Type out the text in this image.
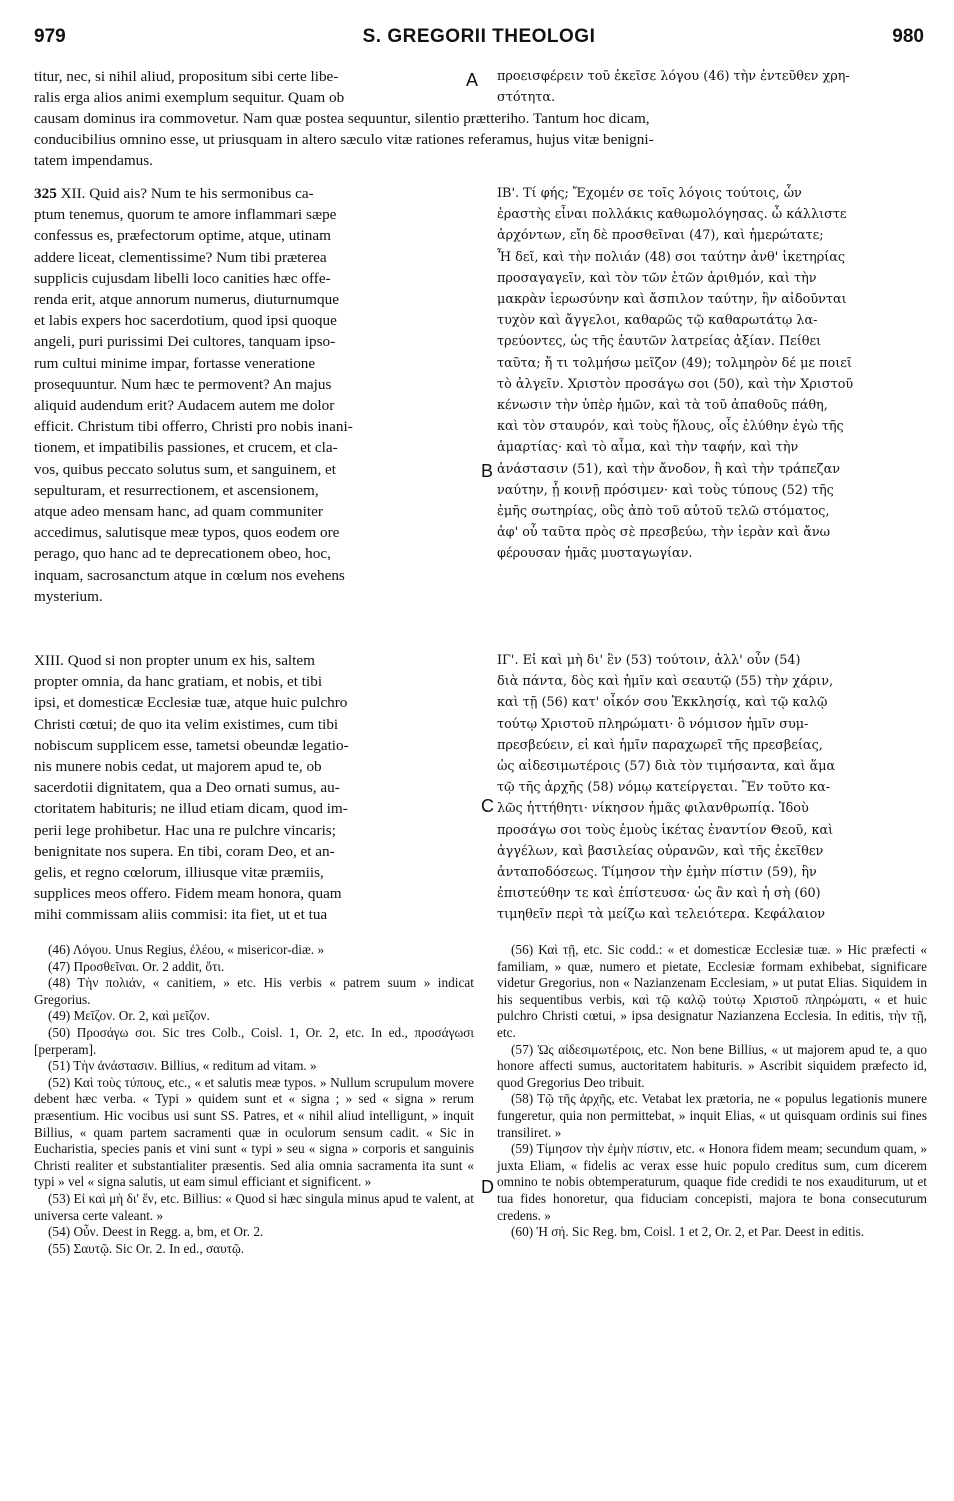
979	S. GREGORII THEOLOGI	980
titur, nec, si nihil aliud, propositum sibi certe libe-
ralis erga alios animi exemplum sequitur. Quam ob
προεισφέρειν τοῦ ἐκεῖσε λόγου (46) τὴν ἐντεῦθεν χρη-
στότητα.
causam dominus ira commovetur. Nam quæ postea sequuntur, silentio prætteriho. Tantum hoc dicam,
conducibilius omnino esse, ut priusquam in altero sæculo vitæ rationes referamus, hujus vitæ benigni-
tatem impendamus.
A
B
C
D
325 XII. Quid ais? Num te his sermonibus ca-
ptum tenemus, quorum te amore inflammari sæpe
confessus es, præfectorum optime, atque, utinam
addere liceat, clementissime? Num tibi præterea
supplicis cujusdam libelli loco canities hæc offe-
renda erit, atque annorum numerus, diuturnumque
et labis expers hoc sacerdotium, quod ipsi quoque
angeli, puri purissimi Dei cultores, tanquam ipso-
rum cultui minime impar, fortasse veneratione
prosequuntur. Num hæc te permovent? An majus
aliquid audendum erit? Audacem autem me dolor
efficit. Christum tibi offerro, Christi pro nobis inani-
tionem, et impatibilis passiones, et crucem, et cla-
vos, quibus peccato solutus sum, et sanguinem, et
sepulturam, et resurrectionem, et ascensionem,
atque adeo mensam hanc, ad quam communiter
accedimus, salutisque meæ typos, quos eodem ore
perago, quo hanc ad te deprecationem obeo, hoc,
inquam, sacrosanctum atque in cœlum nos evehens
mysterium.
ΙΒ'. Τί φής; Ἔχομέν σε τοῖς λόγοις τούτοις, ὧν
ἐραστὴς εἶναι πολλάκις καθωμολόγησας. ὦ κάλλιστε
ἀρχόντων, εἴη δὲ προσθεῖναι (47), καὶ ἡμερώτατε;
Ἦ δεῖ, καὶ τὴν πολιάν (48) σοι ταύτην ἀνθ' ἱκετηρίας
προσαγαγεῖν, καὶ τὸν τῶν ἐτῶν ἀριθμόν, καὶ τὴν
μακρὰν ἱερωσύνην καὶ ἄσπιλον ταύτην, ἣν αἰδοῦνται
τυχὸν καὶ ἄγγελοι, καθαρῶς τῷ καθαρωτάτῳ λα-
τρεύοντες, ὡς τῆς ἑαυτῶν λατρείας ἀξίαν. Πείθει
ταῦτα; ἤ τι τολμήσω μεῖζον (49); τολμηρὸν δέ με ποιεῖ
τὸ ἀλγεῖν. Χριστὸν προσάγω σοι (50), καὶ τὴν Χριστοῦ
κένωσιν τὴν ὑπὲρ ἡμῶν, καὶ τὰ τοῦ ἀπαθοῦς πάθη,
καὶ τὸν σταυρόν, καὶ τοὺς ἥλους, οἷς ἐλύθην ἐγὼ τῆς
ἁμαρτίας· καὶ τὸ αἷμα, καὶ τὴν ταφήν, καὶ τὴν
ἀνάστασιν (51), καὶ τὴν ἄνοδον, ἢ καὶ τὴν τράπεζαν
ναύτην, ᾗ κοινῇ πρόσιμεν· καὶ τοὺς τύπους (52) τῆς
ἐμῆς σωτηρίας, οὓς ἀπὸ τοῦ αὐτοῦ τελῶ στόματος,
ἀφ' οὗ ταῦτα πρὸς σὲ πρεσβεύω, τὴν ἱερὰν καὶ ἄνω
φέρουσαν ἡμᾶς μυσταγωγίαν.
XIII. Quod si non propter unum ex his, saltem
propter omnia, da hanc gratiam, et nobis, et tibi
ipsi, et domesticæ Ecclesiæ tuæ, atque huic pulchro
Christi cœtui; de quo ita velim existimes, cum tibi
nobiscum supplicem esse, tametsi obeundæ legatio-
nis munere nobis cedat, ut majorem apud te, ob
sacerdotii dignitatem, qua a Deo ornati sumus, au-
ctoritatem habituris; ne illud etiam dicam, quod im-
perii lege prohibetur. Hac una re pulchre vincaris;
benignitate nos supera. En tibi, coram Deo, et an-
gelis, et regno cœlorum, illiusque vitæ præmiis,
supplices meos offero. Fidem meam honora, quam
mihi commissam aliis commisi: ita fiet, ut et tua
ΙΓ'. Εἰ καὶ μὴ δι' ἓν (53) τούτοιν, ἀλλ' οὖν (54)
διὰ πάντα, δὸς καὶ ἡμῖν καὶ σεαυτῷ (55) τὴν χάριν,
καὶ τῇ (56) κατ' οἶκόν σου Ἐκκλησίᾳ, καὶ τῷ καλῷ
τούτῳ Χριστοῦ πληρώματι· ὃ νόμισον ἡμῖν συμ-
πρεσβεύειν, εἰ καὶ ἡμῖν παραχωρεῖ τῆς πρεσβείας,
ὡς αἰδεσιμωτέροις (57) διὰ τὸν τιμήσαντα, καὶ ἅμα
τῷ τῆς ἀρχῆς (58) νόμῳ κατείργεται. Ἓν τοῦτο κα-
λῶς ἡττήθητι· νίκησον ἡμᾶς φιλανθρωπίᾳ. Ἰδοὺ
προσάγω σοι τοὺς ἐμοὺς ἱκέτας ἐναντίον Θεοῦ, καὶ
ἀγγέλων, καὶ βασιλείας οὐρανῶν, καὶ τῆς ἐκεῖθεν
ἀνταποδόσεως. Τίμησον τὴν ἐμὴν πίστιν (59), ἣν
ἐπιστεύθην τε καὶ ἐπίστευσα· ὡς ἂν καὶ ἡ σὴ (60)
τιμηθεῖν περὶ τὰ μείζω καὶ τελειότερα. Κεφάλαιον

(46) Λόγου. Unus Regius, ἐλέου, « misericor-diæ. »

(47) Προσθεῖναι. Or. 2 addit, ὅτι.

(48) Τὴν πολιάν, « canitiem, » etc. His verbis « patrem suum » indicat Gregorius.

(49) Μεῖζον. Or. 2, καὶ μεῖζον.

(50) Προσάγω σοι. Sic tres Colb., Coisl. 1, Or. 2, etc. In ed., προσάγωσι [perperam].

(51) Τὴν ἀνάστασιν. Billius, « reditum ad vitam. »

(52) Καὶ τοὺς τύπους, etc., « et salutis meæ typos. » Nullum scrupulum movere debent hæc verba. « Typi » quidem sunt et « signa ; » sed « signa » rerum præsentium. Hic vocibus usi sunt SS. Patres, et « nihil aliud intelligunt, » inquit Billius, « quam partem sacramenti quæ in oculorum sensum cadit. « Sic in Eucharistia, species panis et vini sunt « typi » seu « signa » corporis et sanguinis Christi realiter et substantialiter præsentis. Sed alia omnia sacramenta ita sunt « typi » vel « signa salutis, ut eam simul efficiant et significent. »

(53) Εἰ καὶ μὴ δι' ἕν, etc. Billius: « Quod si hæc singula minus apud te valent, at universa certe valeant. »

(54) Οὖν. Deest in Regg. a, bm, et Or. 2.

(55) Σαυτῷ. Sic Or. 2. In ed., σαυτῷ.

(56) Καὶ τῇ, etc. Sic codd.: « et domesticæ Ecclesiæ tuæ. » Hic præfecti « familiam, » quæ, numero et pietate, Ecclesiæ formam exhibebat, significare videtur Gregorius, non « Nazianzenam Ecclesiam, » ut putat Elias. Siquidem in his sequentibus verbis, καὶ τῷ καλῷ τούτῳ Χριστοῦ πληρώματι, « et huic pulchro Christi cœtui, » ipsa designatur Nazianzena Ecclesia. In editis, τὴν τῇ, etc.

(57) Ὡς αἰδεσιμωτέροις, etc. Non bene Billius, « ut majorem apud te, a quo honore affecti sumus, auctoritatem habituris. » Ascribit siquidem præfecto id, quod Gregorius Deo tribuit.

(58) Τῷ τῆς ἀρχῆς, etc. Vetabat lex prætoria, ne « populus legationis munere fungeretur, quia non permittebat, » inquit Elias, « ut quisquam ordinis sui fines transiliret. »

(59) Τίμησον τὴν ἐμὴν πίστιν, etc. « Honora fidem meam; secundum quam, » juxta Eliam, « fidelis ac verax esse huic populo creditus sum, cum dicerem omnino te nobis obtemperaturum, quaque fide credidi te nos exauditurum, ut et tua fides honoretur, qua fiduciam concepisti, majora te bona consecuturum credens. »

(60) Ἡ σή. Sic Reg. bm, Coisl. 1 et 2, Or. 2, et Par. Deest in editis.
